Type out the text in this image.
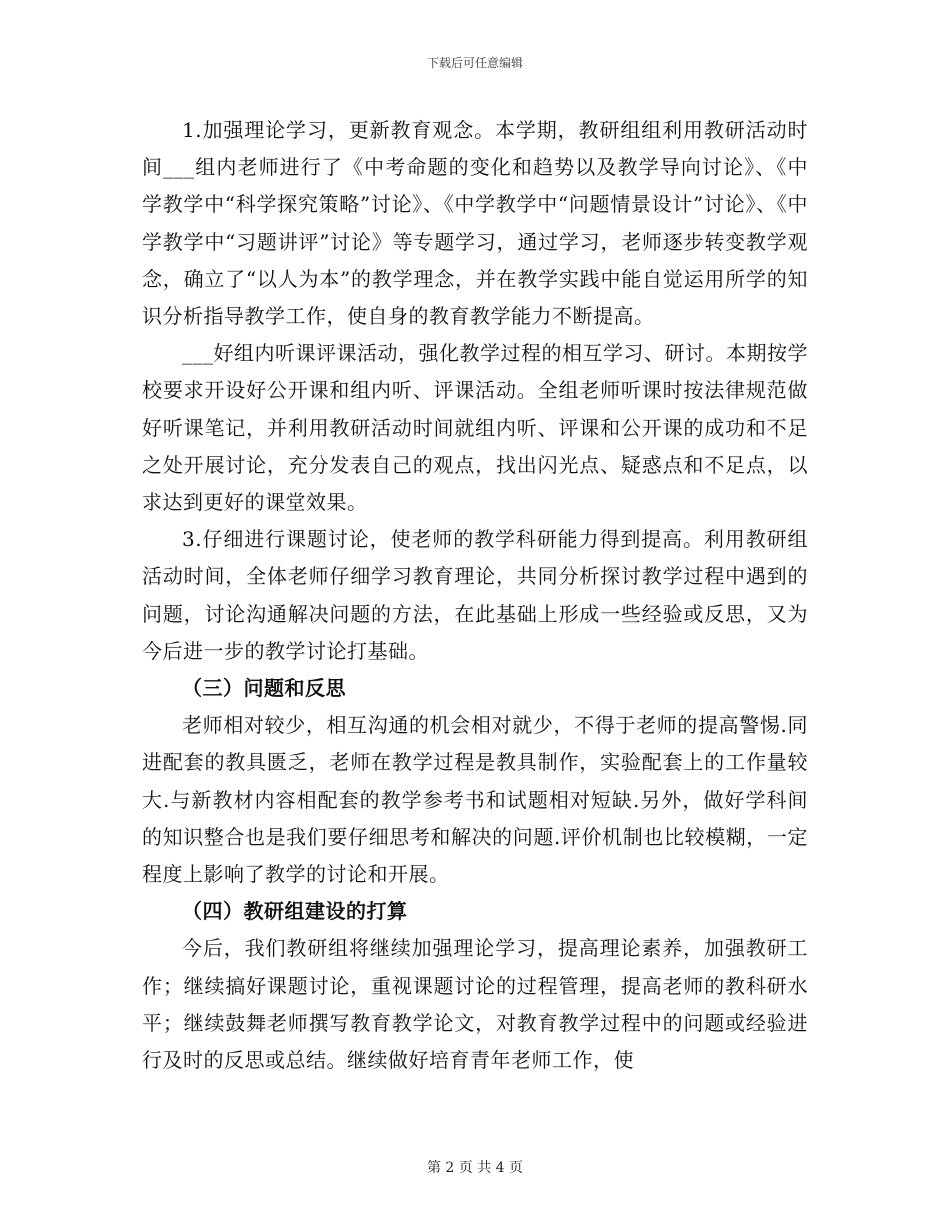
下载后可任意编辑

1.加强理论学习，更新教育观念。本学期，教研组组利用教研活动时间___组内老师进行了《中考命题的变化和趋势以及教学导向讨论》、《中学教学中“科学探究策略”讨论》、《中学教学中“问题情景设计”讨论》、《中学教学中“习题讲评”讨论》等专题学习，通过学习，老师逐步转变教学观念，确立了“以人为本”的教学理念，并在教学实践中能自觉运用所学的知识分析指导教学工作，使自身的教育教学能力不断提高。

___好组内听课评课活动，强化教学过程的相互学习、研讨。本期按学校要求开设好公开课和组内听、评课活动。全组老师听课时按法律规范做好听课笔记，并利用教研活动时间就组内听、评课和公开课的成功和不足之处开展讨论，充分发表自己的观点，找出闪光点、疑惑点和不足点，以求达到更好的课堂效果。

3.仔细进行课题讨论，使老师的教学科研能力得到提高。利用教研组活动时间，全体老师仔细学习教育理论，共同分析探讨教学过程中遇到的问题，讨论沟通解决问题的方法，在此基础上形成一些经验或反思，又为今后进一步的教学讨论打基础。

（三）问题和反思

老师相对较少，相互沟通的机会相对就少，不得于老师的提高警惕.同进配套的教具匮乏，老师在教学过程是教具制作，实验配套上的工作量较大.与新教材内容相配套的教学参考书和试题相对短缺.另外，做好学科间的知识整合也是我们要仔细思考和解决的问题.评价机制也比较模糊，一定程度上影响了教学的讨论和开展。

（四）教研组建设的打算

今后，我们教研组将继续加强理论学习，提高理论素养，加强教研工作；继续搞好课题讨论，重视课题讨论的过程管理，提高老师的教科研水平；继续鼓舞老师撰写教育教学论文，对教育教学过程中的问题或经验进行及时的反思或总结。继续做好培育青年老师工作，使

第 2 页 共 4 页
